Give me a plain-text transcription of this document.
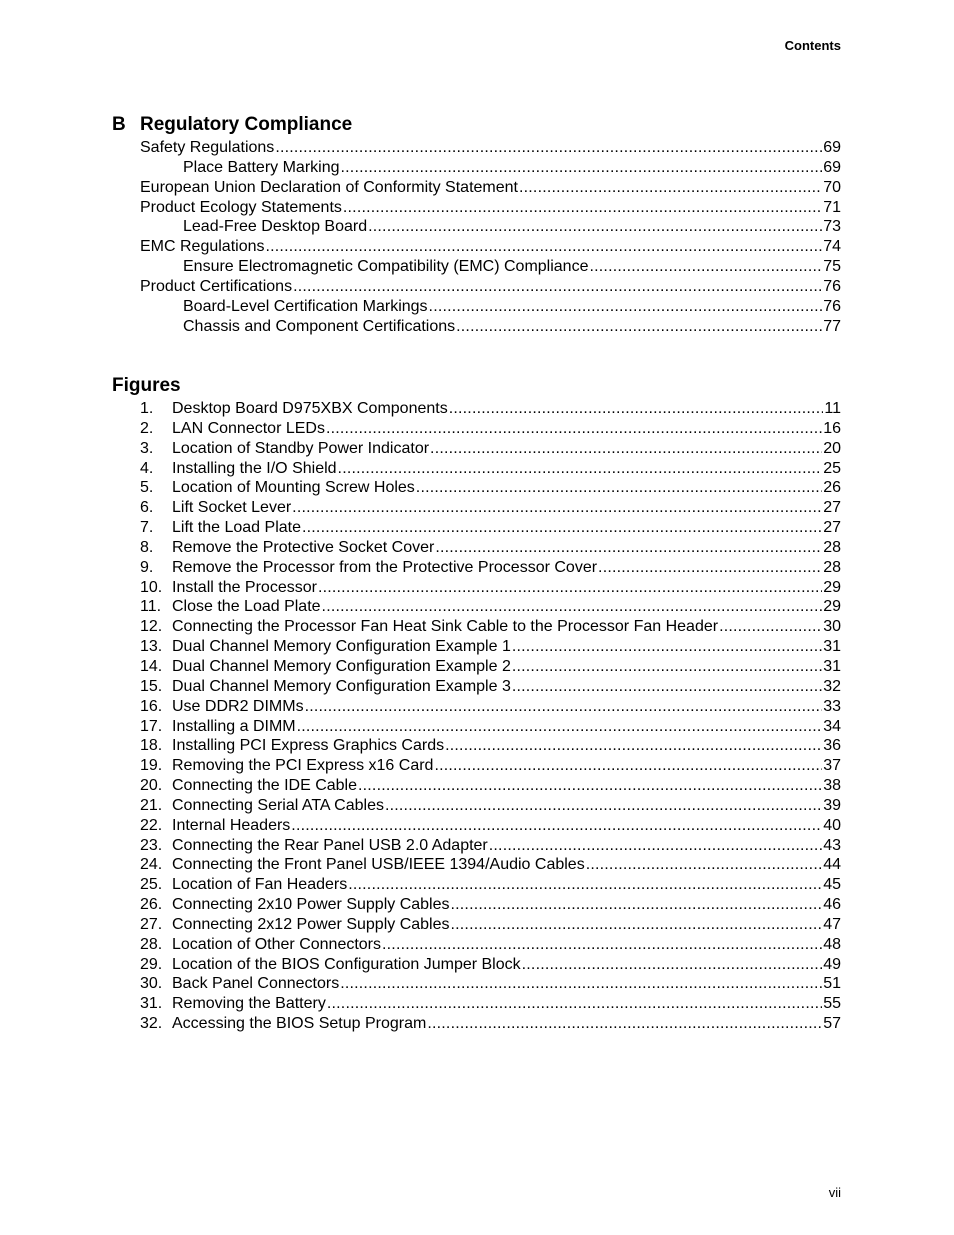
Contents
B Regulatory Compliance
Safety Regulations .....	69
Place Battery Marking .....	69
European Union Declaration of Conformity Statement .....	70
Product Ecology Statements .....	71
Lead-Free Desktop Board .....	73
EMC Regulations .....	74
Ensure Electromagnetic Compatibility (EMC) Compliance .....	75
Product Certifications .....	76
Board-Level Certification Markings .....	76
Chassis and Component Certifications .....	77
Figures
1.	Desktop Board D975XBX Components .....	11
2.	LAN Connector LEDs .....	16
3.	Location of Standby Power Indicator .....	20
4.	Installing the I/O Shield .....	25
5.	Location of Mounting Screw Holes .....	26
6.	Lift Socket Lever .....	27
7.	Lift the Load Plate .....	27
8.	Remove the Protective Socket Cover .....	28
9.	Remove the Processor from the Protective Processor Cover .....	28
10. Install the Processor .....	29
11. Close the Load Plate .....	29
12. Connecting the Processor Fan Heat Sink Cable to the Processor Fan Header .....	30
13. Dual Channel Memory Configuration Example 1 .....	31
14. Dual Channel Memory Configuration Example 2 .....	31
15. Dual Channel Memory Configuration Example 3 .....	32
16. Use DDR2 DIMMs .....	33
17. Installing a DIMM .....	34
18. Installing PCI Express Graphics Cards .....	36
19. Removing the PCI Express x16 Card .....	37
20. Connecting the IDE Cable .....	38
21. Connecting Serial ATA Cables .....	39
22. Internal Headers .....	40
23. Connecting the Rear Panel USB 2.0 Adapter .....	43
24. Connecting the Front Panel USB/IEEE 1394/Audio Cables .....	44
25. Location of Fan Headers .....	45
26. Connecting 2x10 Power Supply Cables .....	46
27. Connecting 2x12 Power Supply Cables .....	47
28. Location of Other Connectors .....	48
29. Location of the BIOS Configuration Jumper Block .....	49
30. Back Panel Connectors .....	51
31. Removing the Battery .....	55
32. Accessing the BIOS Setup Program .....	57
vii
